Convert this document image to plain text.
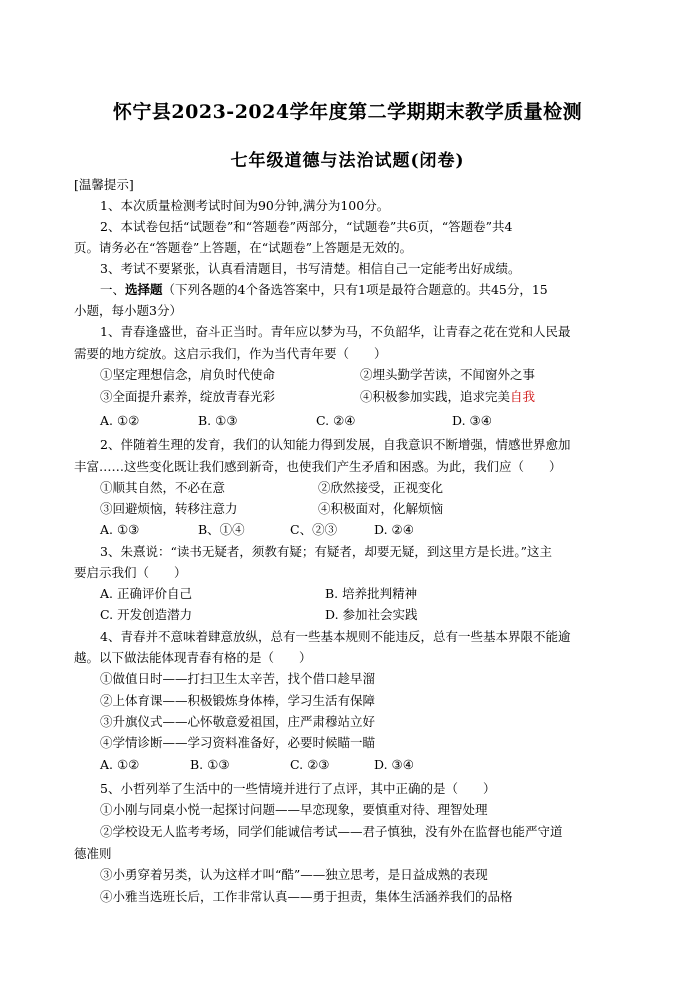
怀宁县2023-2024学年度第二学期期末教学质量检测
七年级道德与法治试题(闭卷)
[温馨提示]
1、本次质量检测考试时间为90分钟,满分为100分。
2、本试卷包括“试题卷”和“答题卷”两部分，“试题卷”共6页，“答题卷”共4
页。请务必在“答题卷”上答题，在“试题卷”上答题是无效的。
3、考试不要紧张，认真看清题目，书写清楚。相信自己一定能考出好成绩。
一、选择题（下列各题的4个备选答案中，只有1项是最符合题意的。共45分，15
小题，每小题3分）
1、青春逢盛世，奋斗正当时。青年应以梦为马，不负韶华，让青春之花在党和人民最
需要的地方绽放。这启示我们，作为当代青年要（　　）
①坚定理想信念，肩负时代使命	②埋头勤学苦读，不闻窗外之事
③全面提升素养，绽放青春光彩	④积极参加实践，追求完美自我
A. ①②	B. ①③	C. ②④	D. ③④
2、伴随着生理的发育，我们的认知能力得到发展，自我意识不断增强，情感世界愈加
丰富……这些变化既让我们感到新奇，也使我们产生矛盾和困惑。为此，我们应（　　）
①顺其自然，不必在意	②欣然接受，正视变化
③回避烦恼，转移注意力	④积极面对，化解烦恼
A. ①③	B、①④	C、②③	D. ②④
3、朱熹说：“读书无疑者，须教有疑；有疑者，却要无疑，到这里方是长进。”这主
要启示我们（　　）
A. 正确评价自己	B. 培养批判精神
C. 开发创造潜力	D. 参加社会实践
4、青春并不意味着肆意放纵，总有一些基本规则不能违反，总有一些基本界限不能逾
越。以下做法能体现青春有格的是（　　）
①做值日时——打扫卫生太辛苦，找个借口趁早溜
②上体育课——积极锻炼身体棒，学习生活有保障
③升旗仪式——心怀敬意爱祖国，庄严肃穆站立好
④学情诊断——学习资料准备好，必要时候瞄一瞄
A. ①②	B. ①③	C. ②③	D. ③④
5、小哲列举了生活中的一些情境并进行了点评，其中正确的是（　　）
①小刚与同桌小悦一起探讨问题——早恋现象，要慎重对待、理智处理
②学校设无人监考考场，同学们能诚信考试——君子慎独，没有外在监督也能严守道
德准则
③小勇穿着另类，认为这样才叫“酷”——独立思考，是日益成熟的表现
④小雅当选班长后，工作非常认真——勇于担责，集体生活涵养我们的品格
